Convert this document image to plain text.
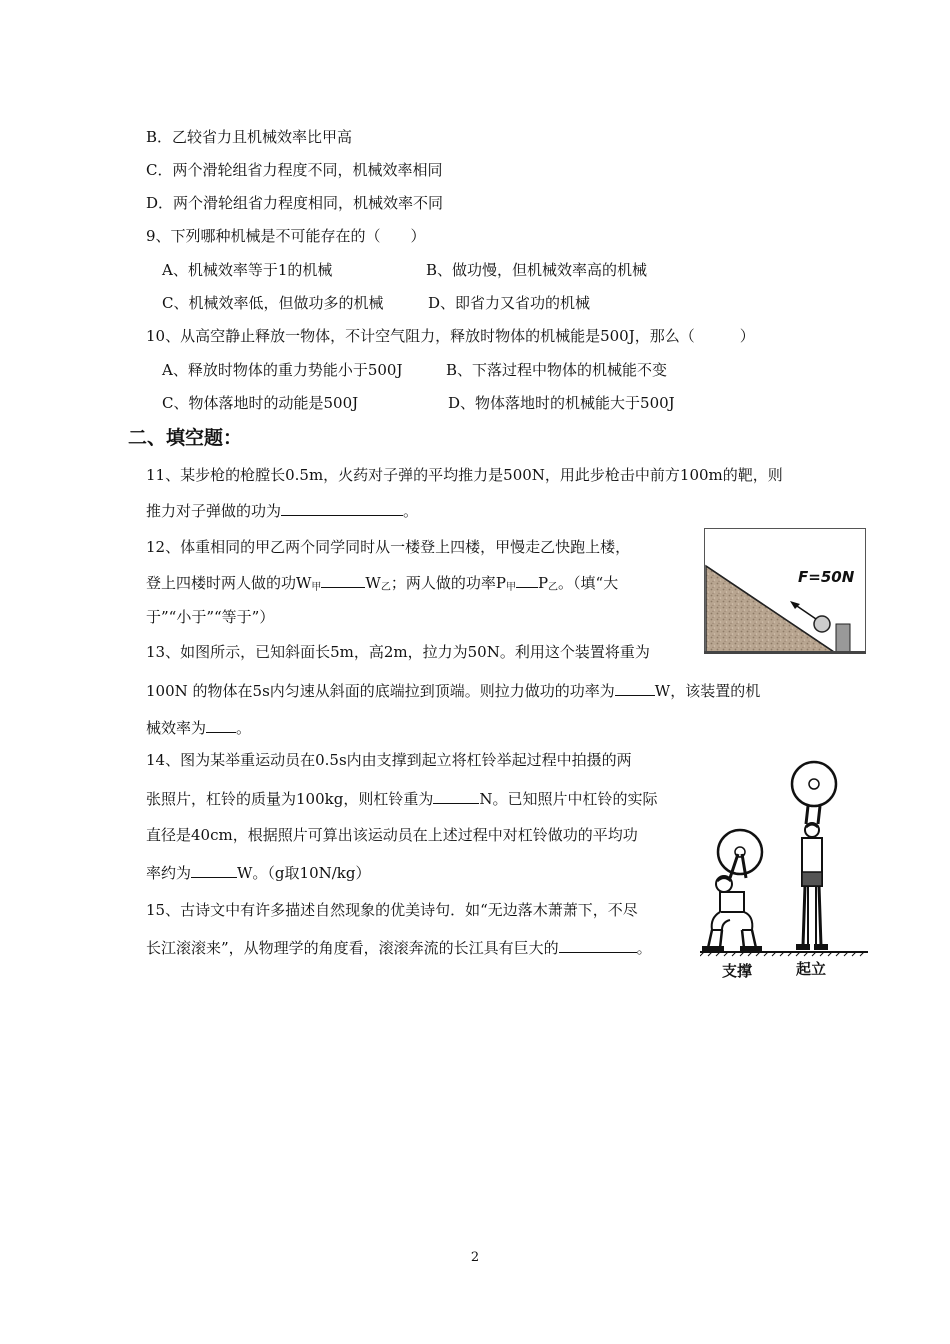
B．乙较省力且机械效率比甲高
C．两个滑轮组省力程度不同，机械效率相同
D．两个滑轮组省力程度相同，机械效率不同
9、下列哪种机械是不可能存在的（　　）
A、机械效率等于1的机械	B、做功慢，但机械效率高的机械
C、机械效率低，但做功多的机械	D、即省力又省功的机械
10、从高空静止释放一物体，不计空气阻力，释放时物体的机械能是500J，那么（　　　）
A、释放时物体的重力势能小于500J	B、下落过程中物体的机械能不变
C、物体落地时的动能是500J	D、物体落地时的机械能大于500J
二、填空题：
11、某步枪的枪膛长0.5m，火药对子弹的平均推力是500N，用此步枪击中前方100m的靶，则
推力对子弹做的功为	。
12、体重相同的甲乙两个同学同时从一楼登上四楼，甲慢走乙快跑上楼，
登上四楼时两人做的功$W_甲$	$W_乙$；两人做的功率$P_甲$ $P_乙$。（填“大
于”“小于”“等于”）
13、如图所示，已知斜面长5m，高2m，拉力为50N。利用这个装置将重为
100N 的物体在5s内匀速从斜面的底端拉到顶端。则拉力做功的功率为	W，该装置的机
械效率为 。
14、图为某举重运动员在0.5s内由支撑到起立将杠铃举起过程中拍摄的两
张照片，杠铃的质量为100kg，则杠铃重为	N。已知照片中杠铃的实际
直径是40cm，根据照片可算出该运动员在上述过程中对杠铃做功的平均功
率约为	W。（g取10N/kg）
15、古诗文中有许多描述自然现象的优美诗句．如“无边落木萧萧下，不尽
长江滚滚来”，从物理学的角度看，滚滚奔流的长江具有巨大的	。
F=50N
支撑	起立
2
